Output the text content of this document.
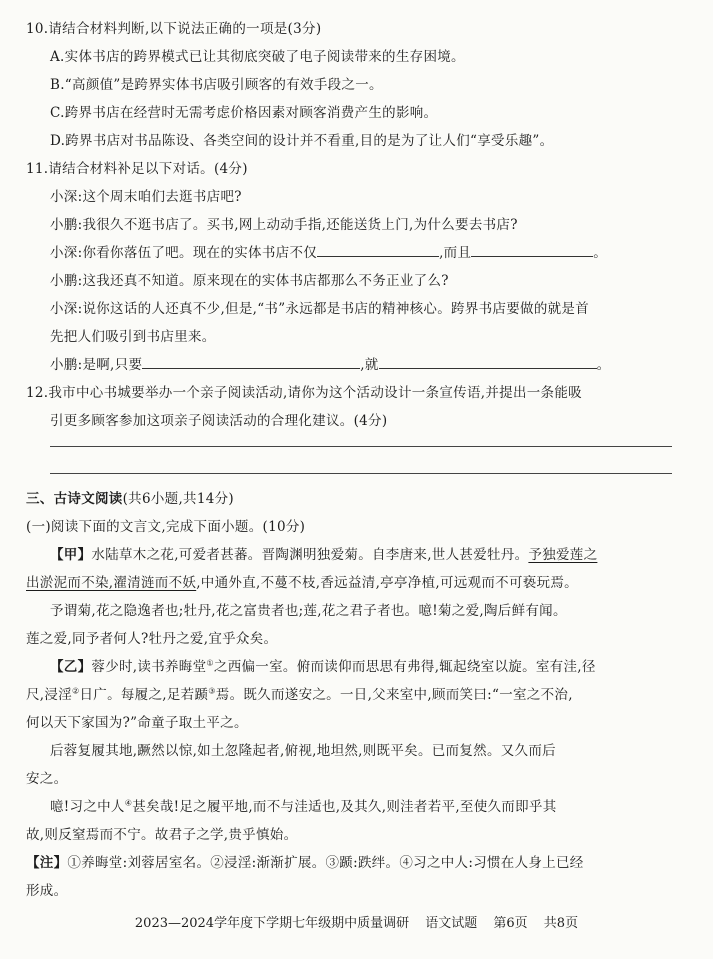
10.请结合材料判断,以下说法正确的一项是(3分)
A.实体书店的跨界模式已让其彻底突破了电子阅读带来的生存困境。
B.“高颜值”是跨界实体书店吸引顾客的有效手段之一。
C.跨界书店在经营时无需考虑价格因素对顾客消费产生的影响。
D.跨界书店对书品陈设、各类空间的设计并不看重,目的是为了让人们“享受乐趣”。
11.请结合材料补足以下对话。(4分)
小深:这个周末咱们去逛书店吧?
小鹏:我很久不逛书店了。买书,网上动动手指,还能送货上门,为什么要去书店?
小深:你看你落伍了吧。现在的实体书店不仅	,而且	。
小鹏:这我还真不知道。原来现在的实体书店都那么不务正业了么?
小深:说你这话的人还真不少,但是,“书”永远都是书店的精神核心。跨界书店要做的就是首
先把人们吸引到书店里来。
小鹏:是啊,只要	,就	。
12.我市中心书城要举办一个亲子阅读活动,请你为这个活动设计一条宣传语,并提出一条能吸
引更多顾客参加这项亲子阅读活动的合理化建议。(4分)
三、古诗文阅读(共6小题,共14分)
(一)阅读下面的文言文,完成下面小题。(10分)
【甲】水陆草木之花,可爱者甚蕃。晋陶渊明独爱菊。自李唐来,世人甚爱牡丹。予独爱莲之
出淤泥而不染,濯清涟而不妖,中通外直,不蔓不枝,香远益清,亭亭净植,可远观而不可亵玩焉。
予谓菊,花之隐逸者也;牡丹,花之富贵者也;莲,花之君子者也。噫!菊之爱,陶后鲜有闻。
莲之爱,同予者何人?牡丹之爱,宜乎众矣。
【乙】蓉少时,读书养晦堂①之西偏一室。俯而读仰而思思有弗得,辄起绕室以旋。室有洼,径
尺,浸淫②日广。每履之,足若踬③焉。既久而遂安之。一日,父来室中,顾而笑曰:“一室之不治,
何以天下家国为?”命童子取土平之。
后蓉复履其地,蹶然以惊,如土忽隆起者,俯视,地坦然,则既平矣。已而复然。又久而后
安之。
噫!习之中人④甚矣哉!足之履平地,而不与洼适也,及其久,则洼者若平,至使久而即乎其
故,则反窒焉而不宁。故君子之学,贵乎慎始。
【注】①养晦堂:刘蓉居室名。②浸淫:渐渐扩展。③踬:跌绊。④习之中人:习惯在人身上已经
形成。
2023—2024学年度下学期七年级期中质量调研 语文试题 第6页 共8页
